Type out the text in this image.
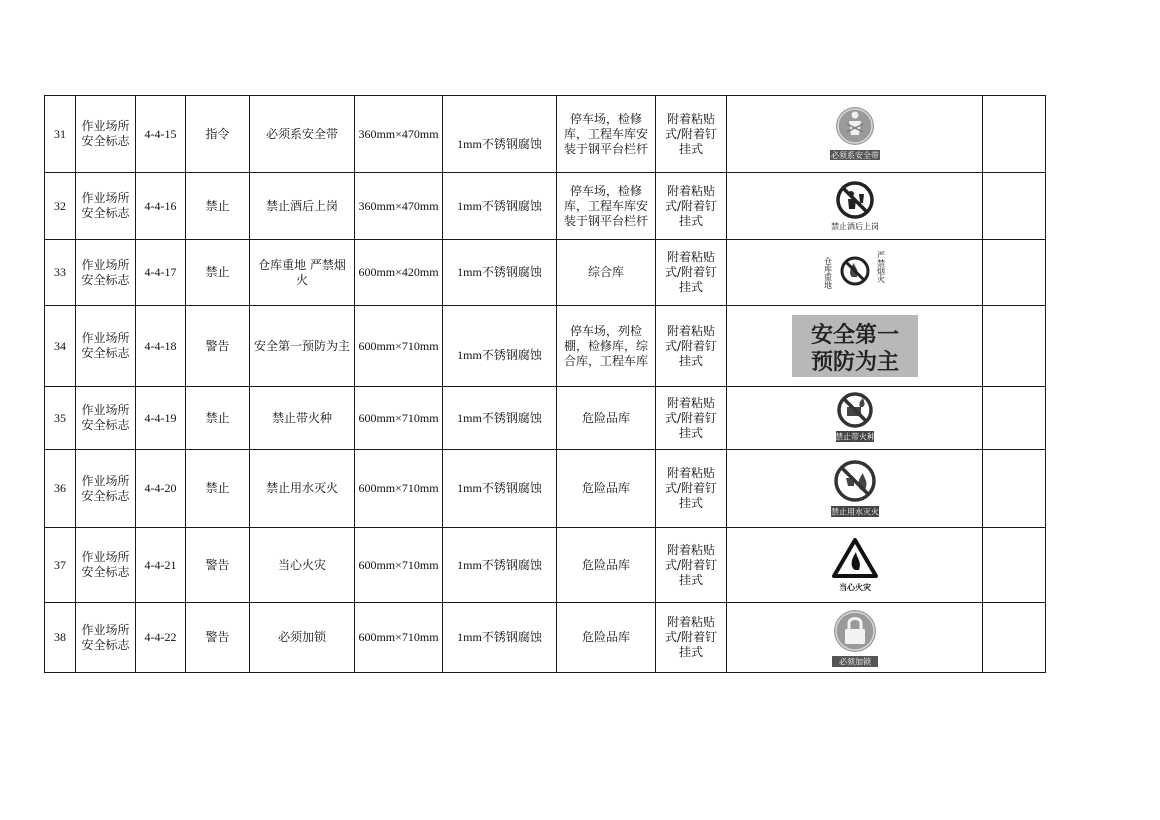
31	作业场所安全标志	4-4-15	指令	必须系安全带	360mm×470mm	1mm不锈钢腐蚀	停车场，检修库，工程车库安装于钢平台栏杆	附着粘贴式/附着钉挂式	必须系安全带	

32	作业场所安全标志	4-4-16	禁止	禁止酒后上岗	360mm×470mm	1mm不锈钢腐蚀	停车场，检修库，工程车库安装于钢平台栏杆	附着粘贴式/附着钉挂式	禁止酒后上岗	

33	作业场所安全标志	4-4-17	禁止	仓库重地 严禁烟火	600mm×420mm	1mm不锈钢腐蚀	综合库	附着粘贴式/附着钉挂式	仓库重地 严禁烟火	

34	作业场所安全标志	4-4-18	警告	安全第一预防为主	600mm×710mm	1mm不锈钢腐蚀	停车场，列检棚，检修库，综合库，工程车库	附着粘贴式/附着钉挂式	安全第一
预防为主	

35	作业场所安全标志	4-4-19	禁止	禁止带火种	600mm×710mm	1mm不锈钢腐蚀	危险品库	附着粘贴式/附着钉挂式	禁止带火种	

36	作业场所安全标志	4-4-20	禁止	禁止用水灭火	600mm×710mm	1mm不锈钢腐蚀	危险品库	附着粘贴式/附着钉挂式	禁止用水灭火	

37	作业场所安全标志	4-4-21	警告	当心火灾	600mm×710mm	1mm不锈钢腐蚀	危险品库	附着粘贴式/附着钉挂式	当心火灾	

38	作业场所安全标志	4-4-22	警告	必须加锁	600mm×710mm	1mm不锈钢腐蚀	危险品库	附着粘贴式/附着钉挂式	必须加锁	
